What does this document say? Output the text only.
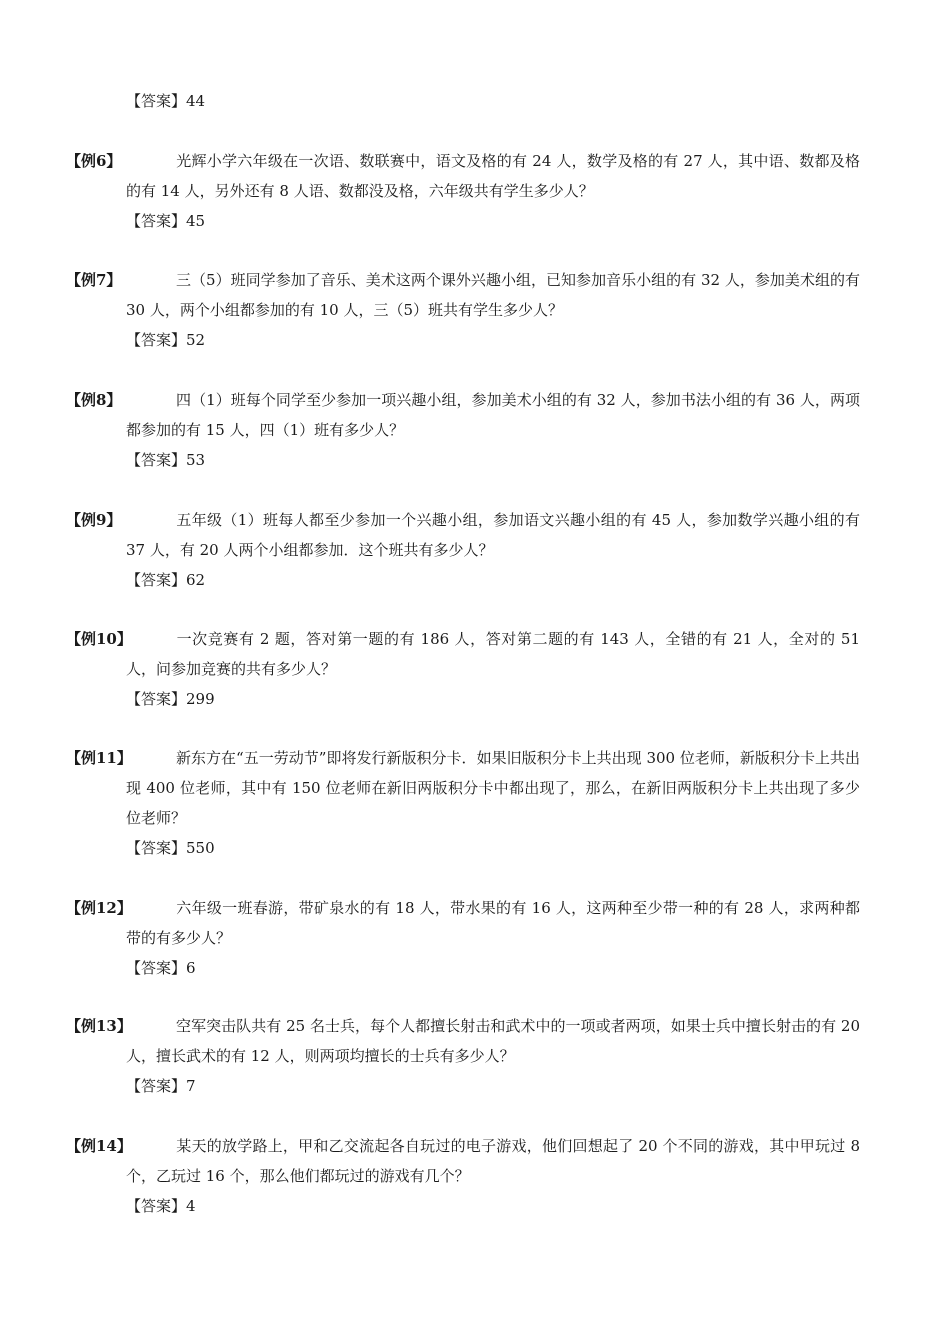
【答案】44
【例6】	光辉小学六年级在一次语、数联赛中，语文及格的有 24 人，数学及格的有 27 人，其中语、数都及格的有 14 人，另外还有 8 人语、数都没及格，六年级共有学生多少人？
【答案】45
【例7】	三（5）班同学参加了音乐、美术这两个课外兴趣小组，已知参加音乐小组的有 32 人，参加美术组的有 30 人，两个小组都参加的有 10 人，三（5）班共有学生多少人？
【答案】52
【例8】	四（1）班每个同学至少参加一项兴趣小组，参加美术小组的有 32 人，参加书法小组的有 36 人，两项都参加的有 15 人，四（1）班有多少人？
【答案】53
【例9】	五年级（1）班每人都至少参加一个兴趣小组，参加语文兴趣小组的有 45 人，参加数学兴趣小组的有 37 人，有 20 人两个小组都参加．这个班共有多少人？
【答案】62
【例10】	一次竞赛有 2 题，答对第一题的有 186 人，答对第二题的有 143 人，全错的有 21 人，全对的 51 人，问参加竞赛的共有多少人？
【答案】299
【例11】	新东方在“五一劳动节”即将发行新版积分卡．如果旧版积分卡上共出现 300 位老师，新版积分卡上共出现 400 位老师，其中有 150 位老师在新旧两版积分卡中都出现了，那么，在新旧两版积分卡上共出现了多少位老师？
【答案】550
【例12】	六年级一班春游，带矿泉水的有 18 人，带水果的有 16 人，这两种至少带一种的有 28 人，求两种都带的有多少人？
【答案】6
【例13】	空军突击队共有 25 名士兵，每个人都擅长射击和武术中的一项或者两项，如果士兵中擅长射击的有 20 人，擅长武术的有 12 人，则两项均擅长的士兵有多少人？
【答案】7
【例14】	某天的放学路上，甲和乙交流起各自玩过的电子游戏，他们回想起了 20 个不同的游戏，其中甲玩过 8 个，乙玩过 16 个，那么他们都玩过的游戏有几个？
【答案】4
